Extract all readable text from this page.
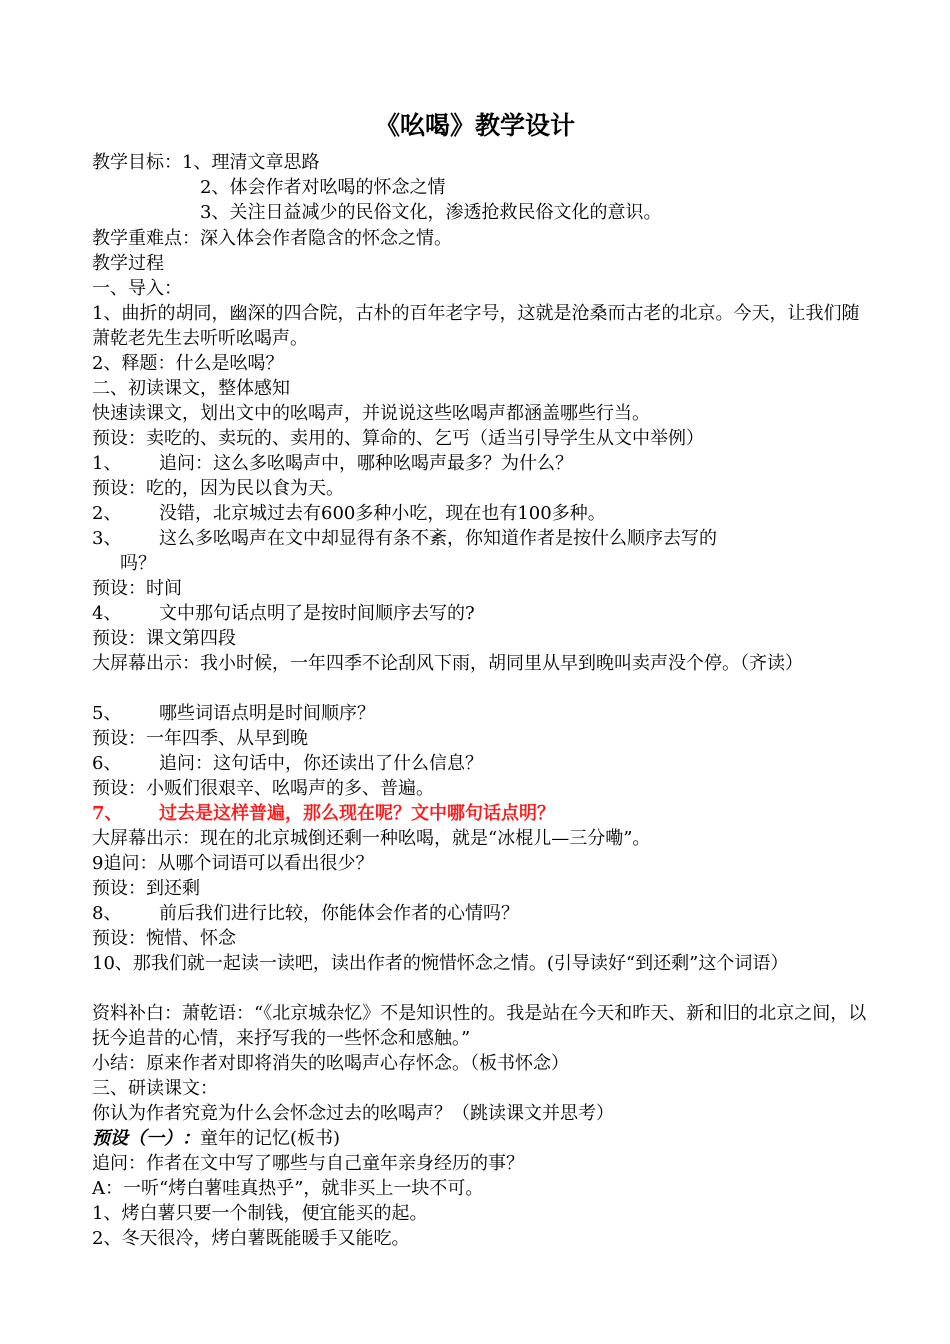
《吆喝》教学设计
教学目标：1、理清文章思路
2、体会作者对吆喝的怀念之情
3、关注日益减少的民俗文化，渗透抢救民俗文化的意识。
教学重难点：深入体会作者隐含的怀念之情。
教学过程
一、导入：
1、曲折的胡同，幽深的四合院，古朴的百年老字号，这就是沧桑而古老的北京。今天，让我们随萧乾老先生去听听吆喝声。
2、释题：什么是吆喝？
二、初读课文，整体感知
快速读课文，划出文中的吆喝声，并说说这些吆喝声都涵盖哪些行当。
预设：卖吃的、卖玩的、卖用的、算命的、乞丐（适当引导学生从文中举例）
1、 追问：这么多吆喝声中，哪种吆喝声最多？为什么？
预设：吃的，因为民以食为天。
2、 没错，北京城过去有600多种小吃，现在也有100多种。
3、 这么多吆喝声在文中却显得有条不紊，你知道作者是按什么顺序去写的
吗？
预设：时间
4、 文中那句话点明了是按时间顺序去写的?
预设：课文第四段
大屏幕出示：我小时候，一年四季不论刮风下雨，胡同里从早到晚叫卖声没个停。（齐读）
5、 哪些词语点明是时间顺序？
预设：一年四季、从早到晚
6、 追问：这句话中，你还读出了什么信息？
预设：小贩们很艰辛、吆喝声的多、普遍。
7、 过去是这样普遍，那么现在呢？文中哪句话点明？
大屏幕出示：现在的北京城倒还剩一种吆喝，就是“冰棍儿—三分嘞”。
9追问：从哪个词语可以看出很少？
预设：到还剩
8、 前后我们进行比较，你能体会作者的心情吗？
预设：惋惜、怀念
10、那我们就一起读一读吧，读出作者的惋惜怀念之情。(引导读好“到还剩”这个词语）
资料补白：萧乾语：“《北京城杂忆》不是知识性的。我是站在今天和昨天、新和旧的北京之间，以抚今追昔的心情，来抒写我的一些怀念和感触。”
小结：原来作者对即将消失的吆喝声心存怀念。（板书怀念）
三、研读课文：
你认为作者究竟为什么会怀念过去的吆喝声？（跳读课文并思考）
预设（一）：童年的记忆(板书)
追问：作者在文中写了哪些与自己童年亲身经历的事？
A：一听“烤白薯哇真热乎”，就非买上一块不可。
1、烤白薯只要一个制钱，便宜能买的起。
2、冬天很冷，烤白薯既能暖手又能吃。
